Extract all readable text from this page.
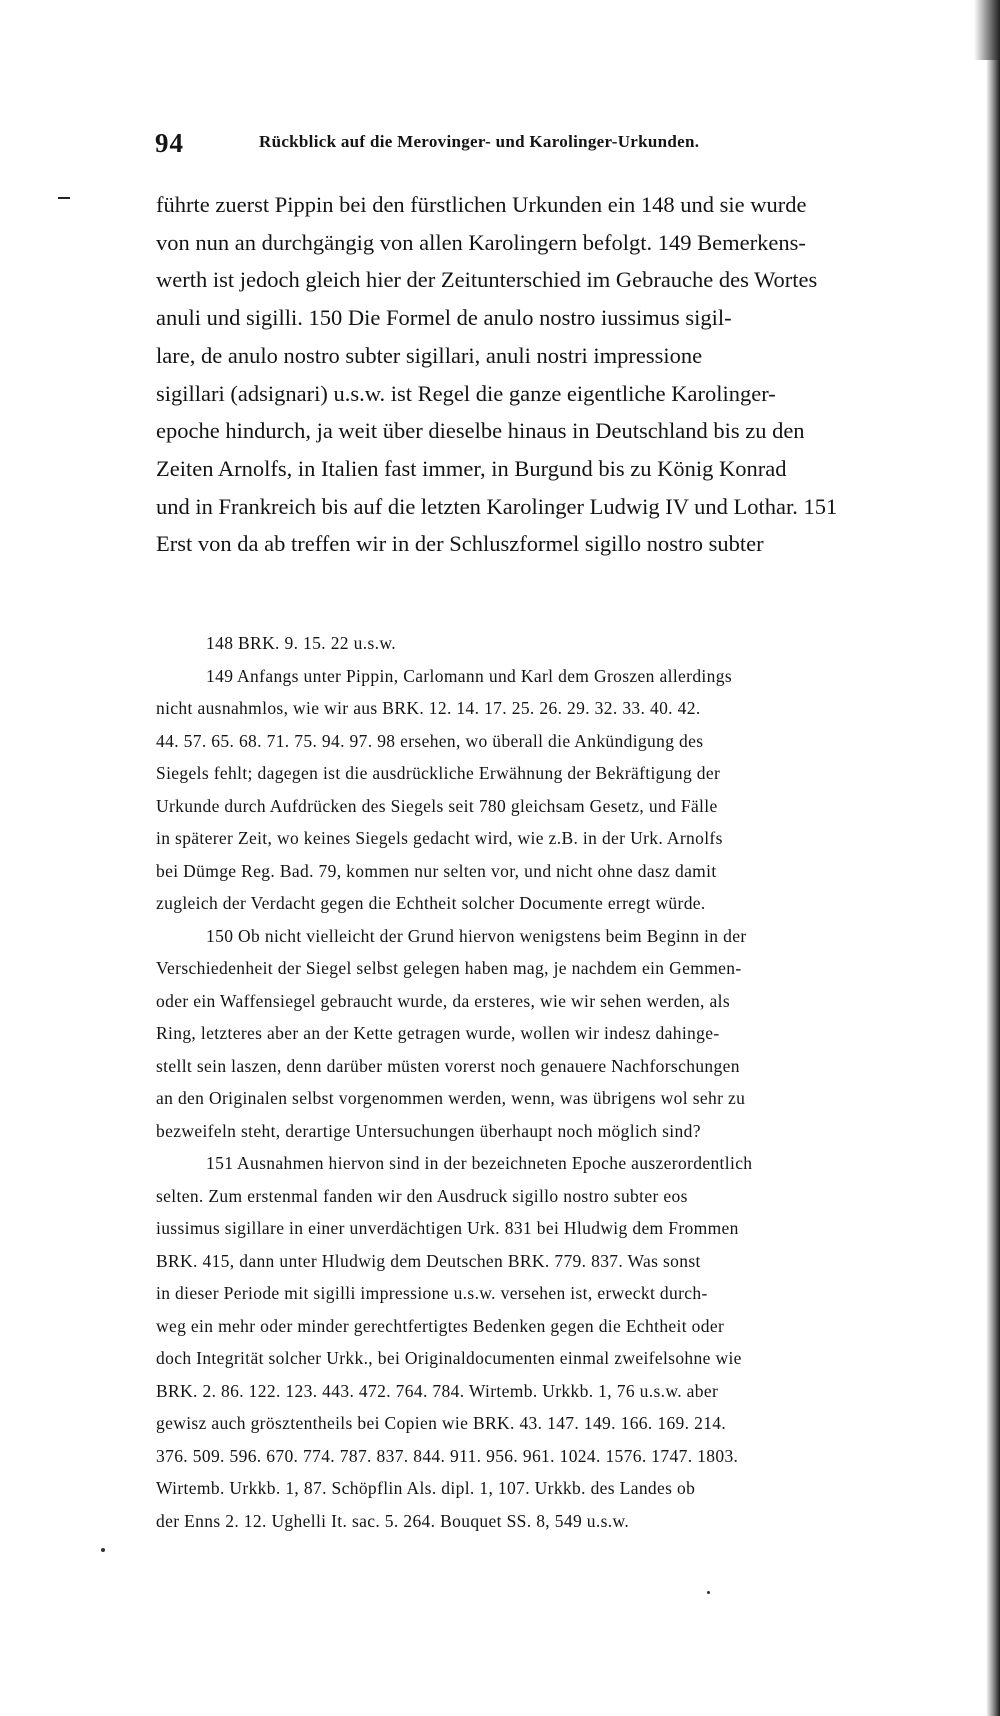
94	Rückblick auf die Merovinger- und Karolinger-Urkunden.
führte zuerst Pippin bei den fürstlichen Urkunden ein 148 und sie wurde
von nun an durchgängig von allen Karolingern befolgt. 149 Bemerkens-
werth ist jedoch gleich hier der Zeitunterschied im Gebrauche des Wortes
anuli und sigilli. 150 Die Formel de anulo nostro iussimus sigil-
lare, de anulo nostro subter sigillari, anuli nostri impressione
sigillari (adsignari) u.s.w. ist Regel die ganze eigentliche Karolinger-
epoche hindurch, ja weit über dieselbe hinaus in Deutschland bis zu den
Zeiten Arnolfs, in Italien fast immer, in Burgund bis zu König Konrad
und in Frankreich bis auf die letzten Karolinger Ludwig IV und Lothar. 151
Erst von da ab treffen wir in der Schluszformel sigillo nostro subter
148 BRK. 9. 15. 22 u.s.w.
149 Anfangs unter Pippin, Carlomann und Karl dem Groszen allerdings
nicht ausnahmlos, wie wir aus BRK. 12. 14. 17. 25. 26. 29. 32. 33. 40. 42.
44. 57. 65. 68. 71. 75. 94. 97. 98 ersehen, wo überall die Ankündigung des
Siegels fehlt; dagegen ist die ausdrückliche Erwähnung der Bekräftigung der
Urkunde durch Aufdrücken des Siegels seit 780 gleichsam Gesetz, und Fälle
in späterer Zeit, wo keines Siegels gedacht wird, wie z.B. in der Urk. Arnolfs
bei Dümge Reg. Bad. 79, kommen nur selten vor, und nicht ohne dasz damit
zugleich der Verdacht gegen die Echtheit solcher Documente erregt würde.
150 Ob nicht vielleicht der Grund hiervon wenigstens beim Beginn in der
Verschiedenheit der Siegel selbst gelegen haben mag, je nachdem ein Gemmen-
oder ein Waffensiegel gebraucht wurde, da ersteres, wie wir sehen werden, als
Ring, letzteres aber an der Kette getragen wurde, wollen wir indesz dahinge-
stellt sein laszen, denn darüber müsten vorerst noch genauere Nachforschungen
an den Originalen selbst vorgenommen werden, wenn, was übrigens wol sehr zu
bezweifeln steht, derartige Untersuchungen überhaupt noch möglich sind?
151 Ausnahmen hiervon sind in der bezeichneten Epoche auszerordentlich
selten. Zum erstenmal fanden wir den Ausdruck sigillo nostro subter eos
iussimus sigillare in einer unverdächtigen Urk. 831 bei Hludwig dem Frommen
BRK. 415, dann unter Hludwig dem Deutschen BRK. 779. 837. Was sonst
in dieser Periode mit sigilli impressione u.s.w. versehen ist, erweckt durch-
weg ein mehr oder minder gerechtfertigtes Bedenken gegen die Echtheit oder
doch Integrität solcher Urkk., bei Originaldocumenten einmal zweifelsohne wie
BRK. 2. 86. 122. 123. 443. 472. 764. 784. Wirtemb. Urkkb. 1, 76 u.s.w. aber
gewisz auch grösztentheils bei Copien wie BRK. 43. 147. 149. 166. 169. 214.
376. 509. 596. 670. 774. 787. 837. 844. 911. 956. 961. 1024. 1576. 1747. 1803.
Wirtemb. Urkkb. 1, 87. Schöpflin Als. dipl. 1, 107. Urkkb. des Landes ob
der Enns 2. 12. Ughelli It. sac. 5. 264. Bouquet SS. 8, 549 u.s.w.
